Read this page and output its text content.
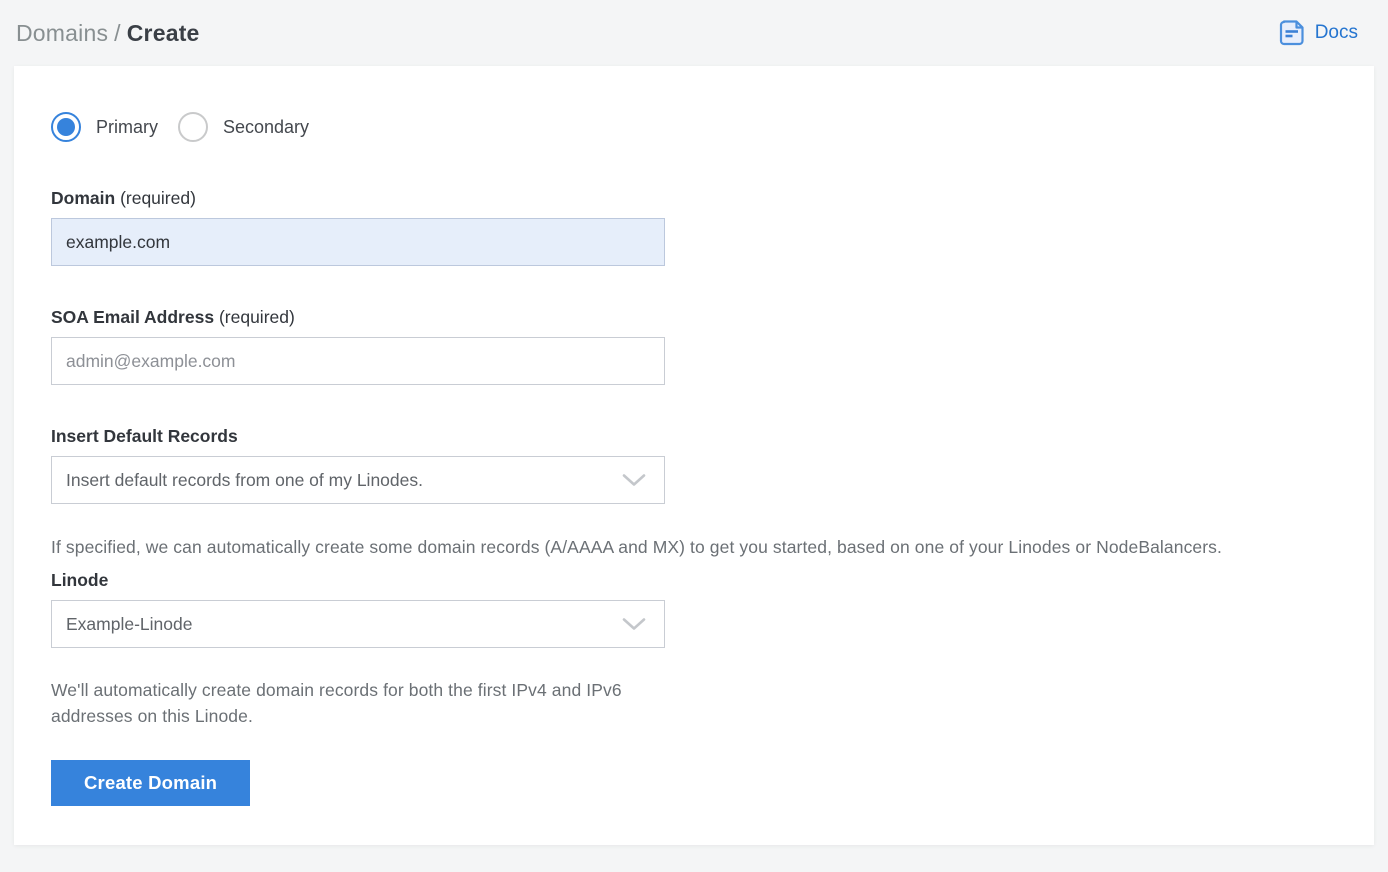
Domains / Create	Docs
Primary	Secondary
Domain (required)
example.com
SOA Email Address (required)
admin@example.com
Insert Default Records
Insert default records from one of my Linodes.
If specified, we can automatically create some domain records (A/AAAA and MX) to get you started, based on one of your Linodes or NodeBalancers.
Linode
Example-Linode
We'll automatically create domain records for both the first IPv4 and IPv6 addresses on this Linode.
Create Domain
